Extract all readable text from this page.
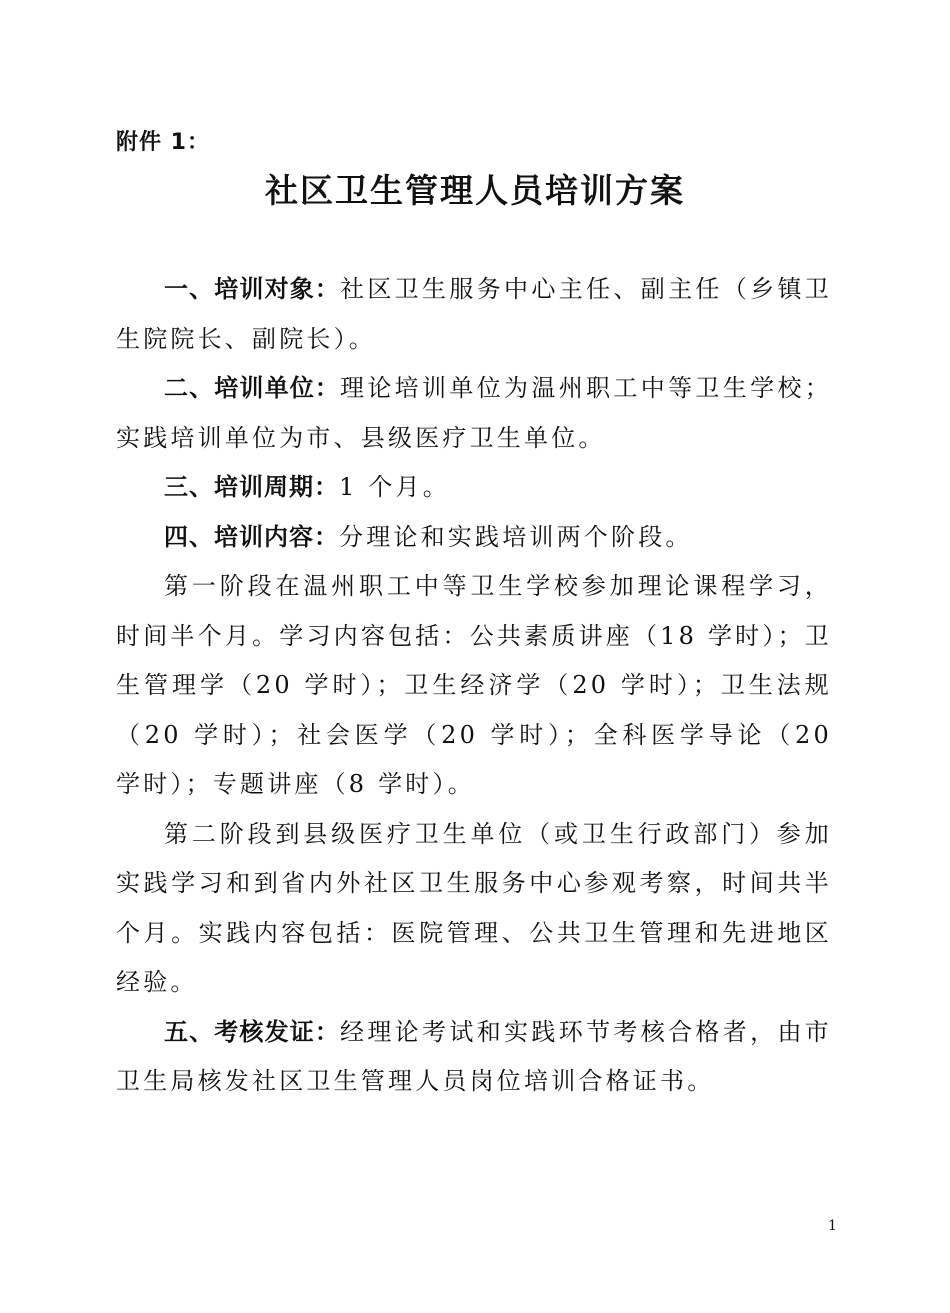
附件 1：
社区卫生管理人员培训方案

一、培训对象：社区卫生服务中心主任、副主任（乡镇卫生院院长、副院长）。

二、培训单位：理论培训单位为温州职工中等卫生学校；实践培训单位为市、县级医疗卫生单位。

三、培训周期：1 个月。

四、培训内容：分理论和实践培训两个阶段。

第一阶段在温州职工中等卫生学校参加理论课程学习，时间半个月。学习内容包括：公共素质讲座（18 学时）；卫生管理学（20 学时）；卫生经济学（20 学时）；卫生法规（20 学时）；社会医学（20 学时）；全科医学导论（20 学时）；专题讲座（8 学时）。

第二阶段到县级医疗卫生单位（或卫生行政部门）参加实践学习和到省内外社区卫生服务中心参观考察，时间共半个月。实践内容包括：医院管理、公共卫生管理和先进地区经验。

五、考核发证：经理论考试和实践环节考核合格者，由市卫生局核发社区卫生管理人员岗位培训合格证书。

1
